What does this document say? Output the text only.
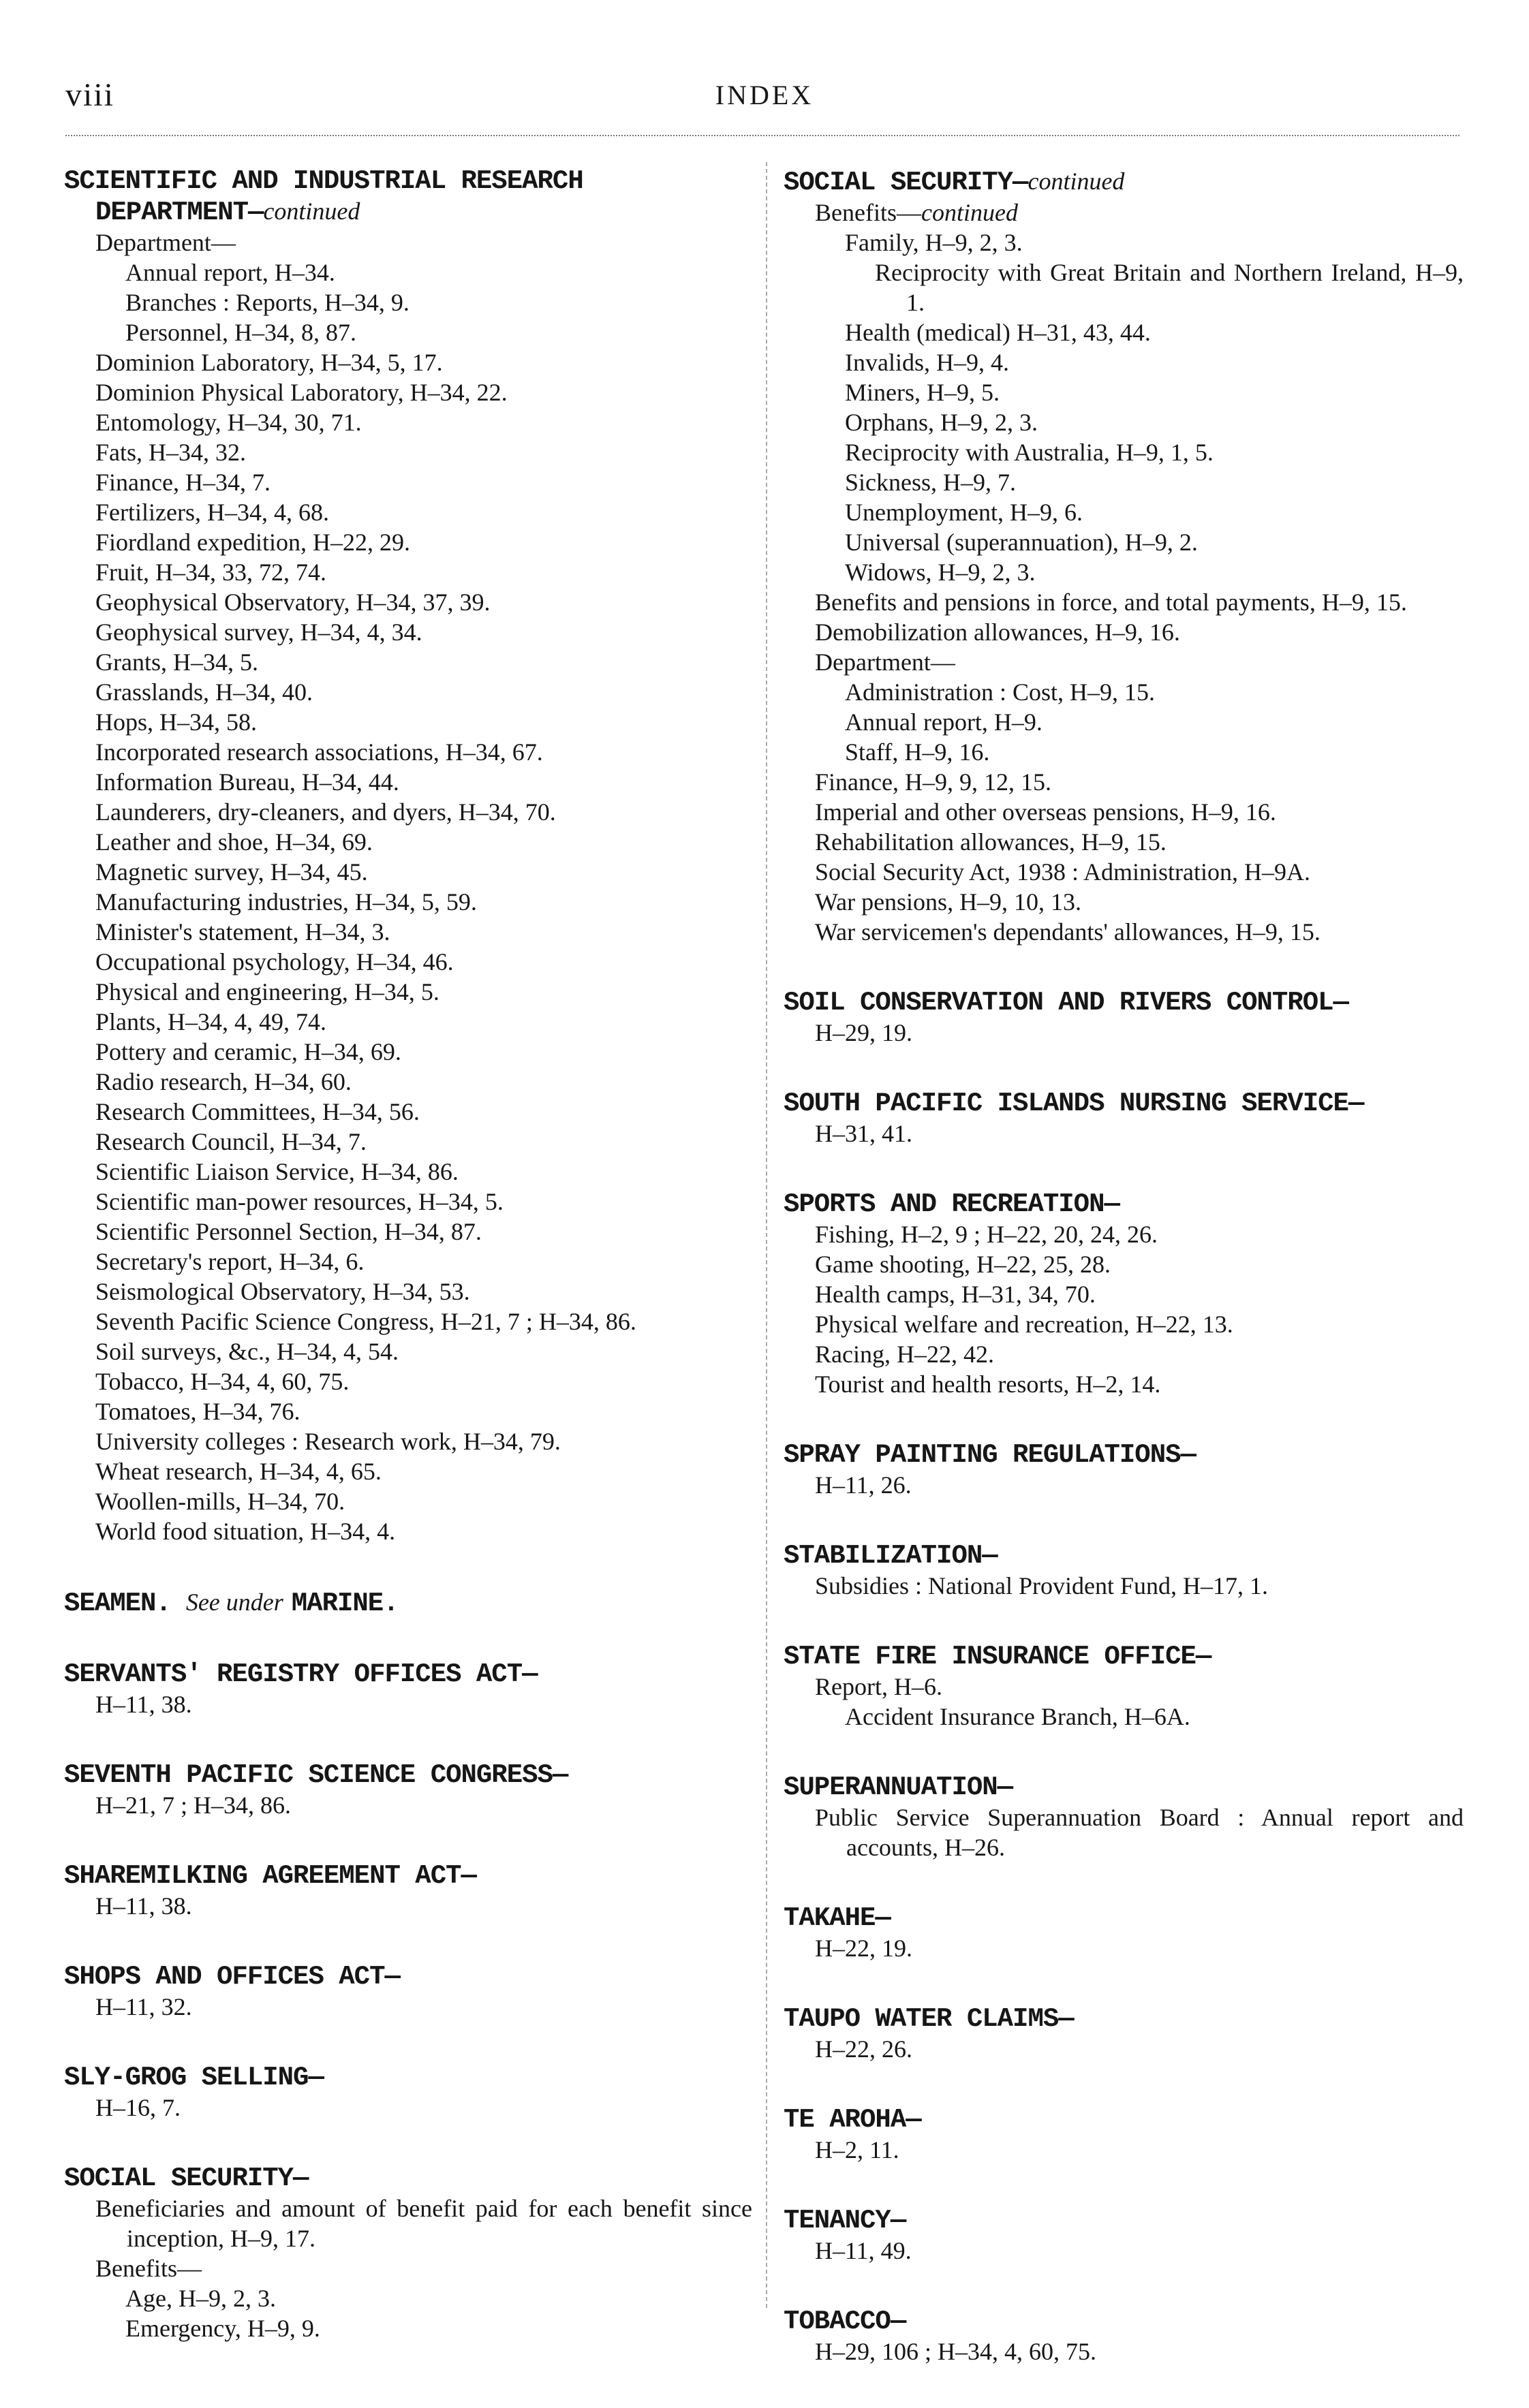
viii	INDEX
SCIENTIFIC AND INDUSTRIAL RESEARCH
DEPARTMENT—continued
Department—
Annual report, H–34.
Branches : Reports, H–34, 9.
Personnel, H–34, 8, 87.
Dominion Laboratory, H–34, 5, 17.
Dominion Physical Laboratory, H–34, 22.
Entomology, H–34, 30, 71.
Fats, H–34, 32.
Finance, H–34, 7.
Fertilizers, H–34, 4, 68.
Fiordland expedition, H–22, 29.
Fruit, H–34, 33, 72, 74.
Geophysical Observatory, H–34, 37, 39.
Geophysical survey, H–34, 4, 34.
Grants, H–34, 5.
Grasslands, H–34, 40.
Hops, H–34, 58.
Incorporated research associations, H–34, 67.
Information Bureau, H–34, 44.
Launderers, dry-cleaners, and dyers, H–34, 70.
Leather and shoe, H–34, 69.
Magnetic survey, H–34, 45.
Manufacturing industries, H–34, 5, 59.
Minister's statement, H–34, 3.
Occupational psychology, H–34, 46.
Physical and engineering, H–34, 5.
Plants, H–34, 4, 49, 74.
Pottery and ceramic, H–34, 69.
Radio research, H–34, 60.
Research Committees, H–34, 56.
Research Council, H–34, 7.
Scientific Liaison Service, H–34, 86.
Scientific man-power resources, H–34, 5.
Scientific Personnel Section, H–34, 87.
Secretary's report, H–34, 6.
Seismological Observatory, H–34, 53.
Seventh Pacific Science Congress, H–21, 7 ; H–34, 86.
Soil surveys, &c., H–34, 4, 54.
Tobacco, H–34, 4, 60, 75.
Tomatoes, H–34, 76.
University colleges : Research work, H–34, 79.
Wheat research, H–34, 4, 65.
Woollen-mills, H–34, 70.
World food situation, H–34, 4.
SEAMEN. See under MARINE.
SERVANTS' REGISTRY OFFICES ACT—
H–11, 38.
SEVENTH PACIFIC SCIENCE CONGRESS—
H–21, 7 ; H–34, 86.
SHAREMILKING AGREEMENT ACT—
H–11, 38.
SHOPS AND OFFICES ACT—
H–11, 32.
SLY-GROG SELLING—
H–16, 7.
SOCIAL SECURITY—
Beneficiaries and amount of benefit paid for each benefit since inception, H–9, 17.
Benefits—
Age, H–9, 2, 3.
Emergency, H–9, 9.
SOCIAL SECURITY—continued
Benefits—continued
Family, H–9, 2, 3.
Reciprocity with Great Britain and Northern Ireland, H–9, 1.
Health (medical) H–31, 43, 44.
Invalids, H–9, 4.
Miners, H–9, 5.
Orphans, H–9, 2, 3.
Reciprocity with Australia, H–9, 1, 5.
Sickness, H–9, 7.
Unemployment, H–9, 6.
Universal (superannuation), H–9, 2.
Widows, H–9, 2, 3.
Benefits and pensions in force, and total payments, H–9, 15.
Demobilization allowances, H–9, 16.
Department—
Administration : Cost, H–9, 15.
Annual report, H–9.
Staff, H–9, 16.
Finance, H–9, 9, 12, 15.
Imperial and other overseas pensions, H–9, 16.
Rehabilitation allowances, H–9, 15.
Social Security Act, 1938 : Administration, H–9A.
War pensions, H–9, 10, 13.
War servicemen's dependants' allowances, H–9, 15.
SOIL CONSERVATION AND RIVERS CONTROL—
H–29, 19.
SOUTH PACIFIC ISLANDS NURSING SERVICE—
H–31, 41.
SPORTS AND RECREATION—
Fishing, H–2, 9 ; H–22, 20, 24, 26.
Game shooting, H–22, 25, 28.
Health camps, H–31, 34, 70.
Physical welfare and recreation, H–22, 13.
Racing, H–22, 42.
Tourist and health resorts, H–2, 14.
SPRAY PAINTING REGULATIONS—
H–11, 26.
STABILIZATION—
Subsidies : National Provident Fund, H–17, 1.
STATE FIRE INSURANCE OFFICE—
Report, H–6.
Accident Insurance Branch, H–6A.
SUPERANNUATION—
Public Service Superannuation Board : Annual report and accounts, H–26.
TAKAHE—
H–22, 19.
TAUPO WATER CLAIMS—
H–22, 26.
TE AROHA—
H–2, 11.
TENANCY—
H–11, 49.
TOBACCO—
H–29, 106 ; H–34, 4, 60, 75.
